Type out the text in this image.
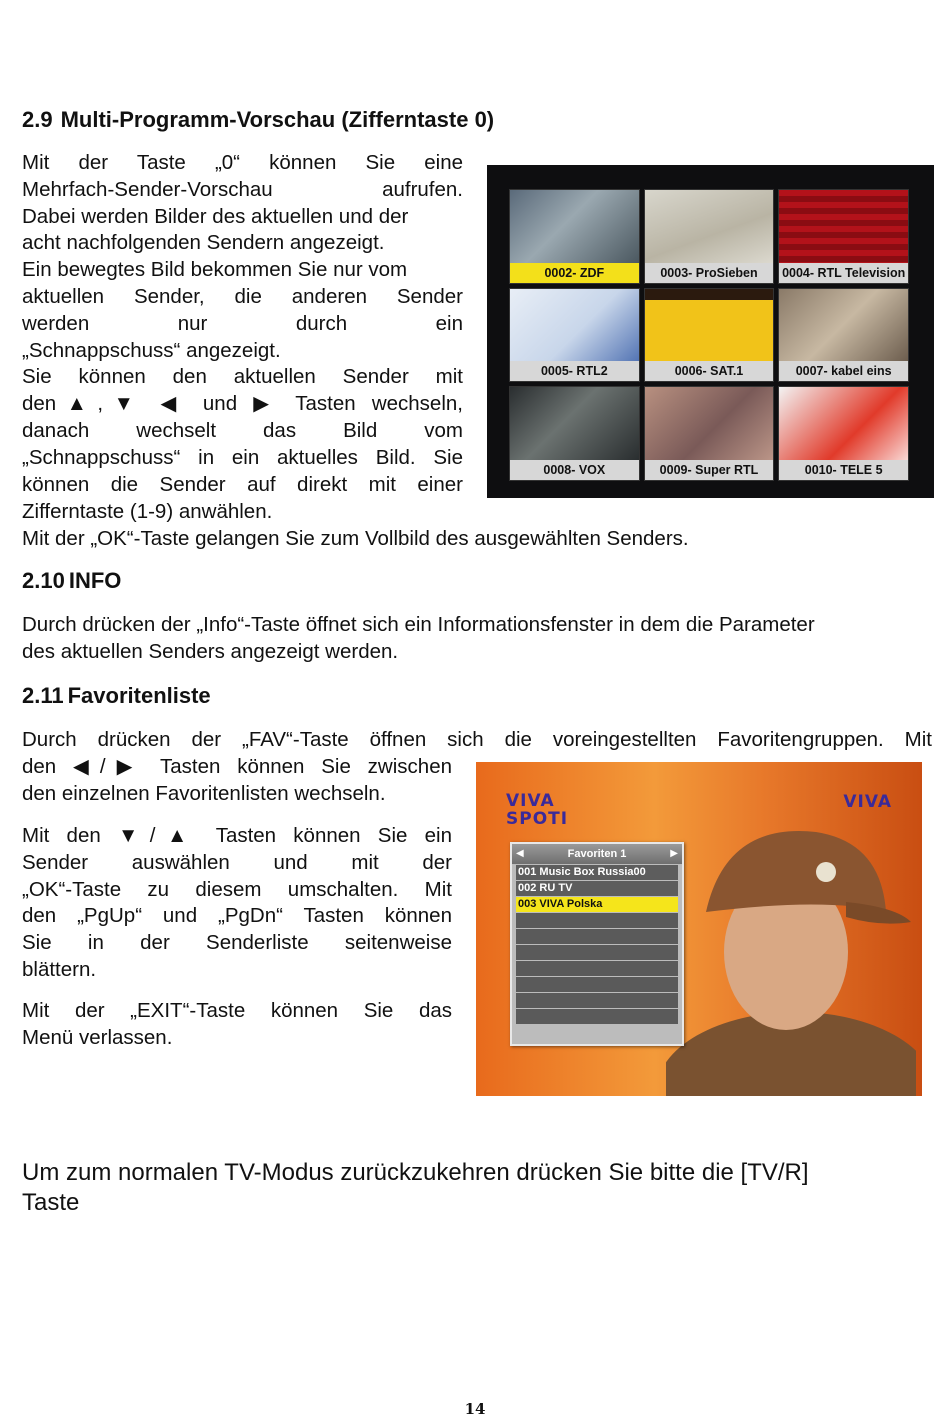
2.9 Multi-Programm-Vorschau (Zifferntaste 0)

Mit der Taste „0“ können Sie eine

Mehrfach-Sender-Vorschau aufrufen.

Dabei werden Bilder des aktuellen und der

acht nachfolgenden Sendern angezeigt.

Ein bewegtes Bild bekommen Sie nur vom

aktuellen Sender, die anderen Sender

werden nur durch ein

„Schnappschuss“ angezeigt.

Sie können den aktuellen Sender mit

den▲,▼ ◀ und ▶ Tasten wechseln,

danach wechselt das Bild vom

„Schnappschuss“ in ein aktuelles Bild. Sie

können die Sender auf direkt mit einer

Zifferntaste (1-9) anwählen.

Mit der „OK“-Taste gelangen Sie zum Vollbild des ausgewählten Senders.

0002- ZDF	0003- ProSieben	0004- RTL Television
0005- RTL2	0006- SAT.1	0007- kabel eins
0008- VOX	0009- Super RTL	0010- TELE 5
2.10 INFO

Durch drücken der „Info“-Taste öffnet sich ein Informationsfenster in dem die Parameter

des aktuellen Senders angezeigt werden.

2.11 Favoritenliste

Durch drücken der „FAV“-Taste öffnen sich die voreingestellten Favoritengruppen. Mit

den ◀/▶ Tasten können Sie zwischen

den einzelnen Favoritenlisten wechseln.

Mit den ▼/▲ Tasten können Sie ein

Sender auswählen und mit der

„OK“-Taste zu diesem umschalten. Mit

den „PgUp“ und „PgDn“ Tasten können

Sie in der Senderliste seitenweise

blättern.

Mit der „EXIT“-Taste können Sie das

Menü verlassen.

VIVA
SPOTI
VIVA
◀	Favoriten 1	▶
001 Music Box Russia00
002 RU TV
003 VIVA Polska
Um zum normalen TV-Modus zurückzukehren drücken Sie bitte die [TV/R] Taste
14
